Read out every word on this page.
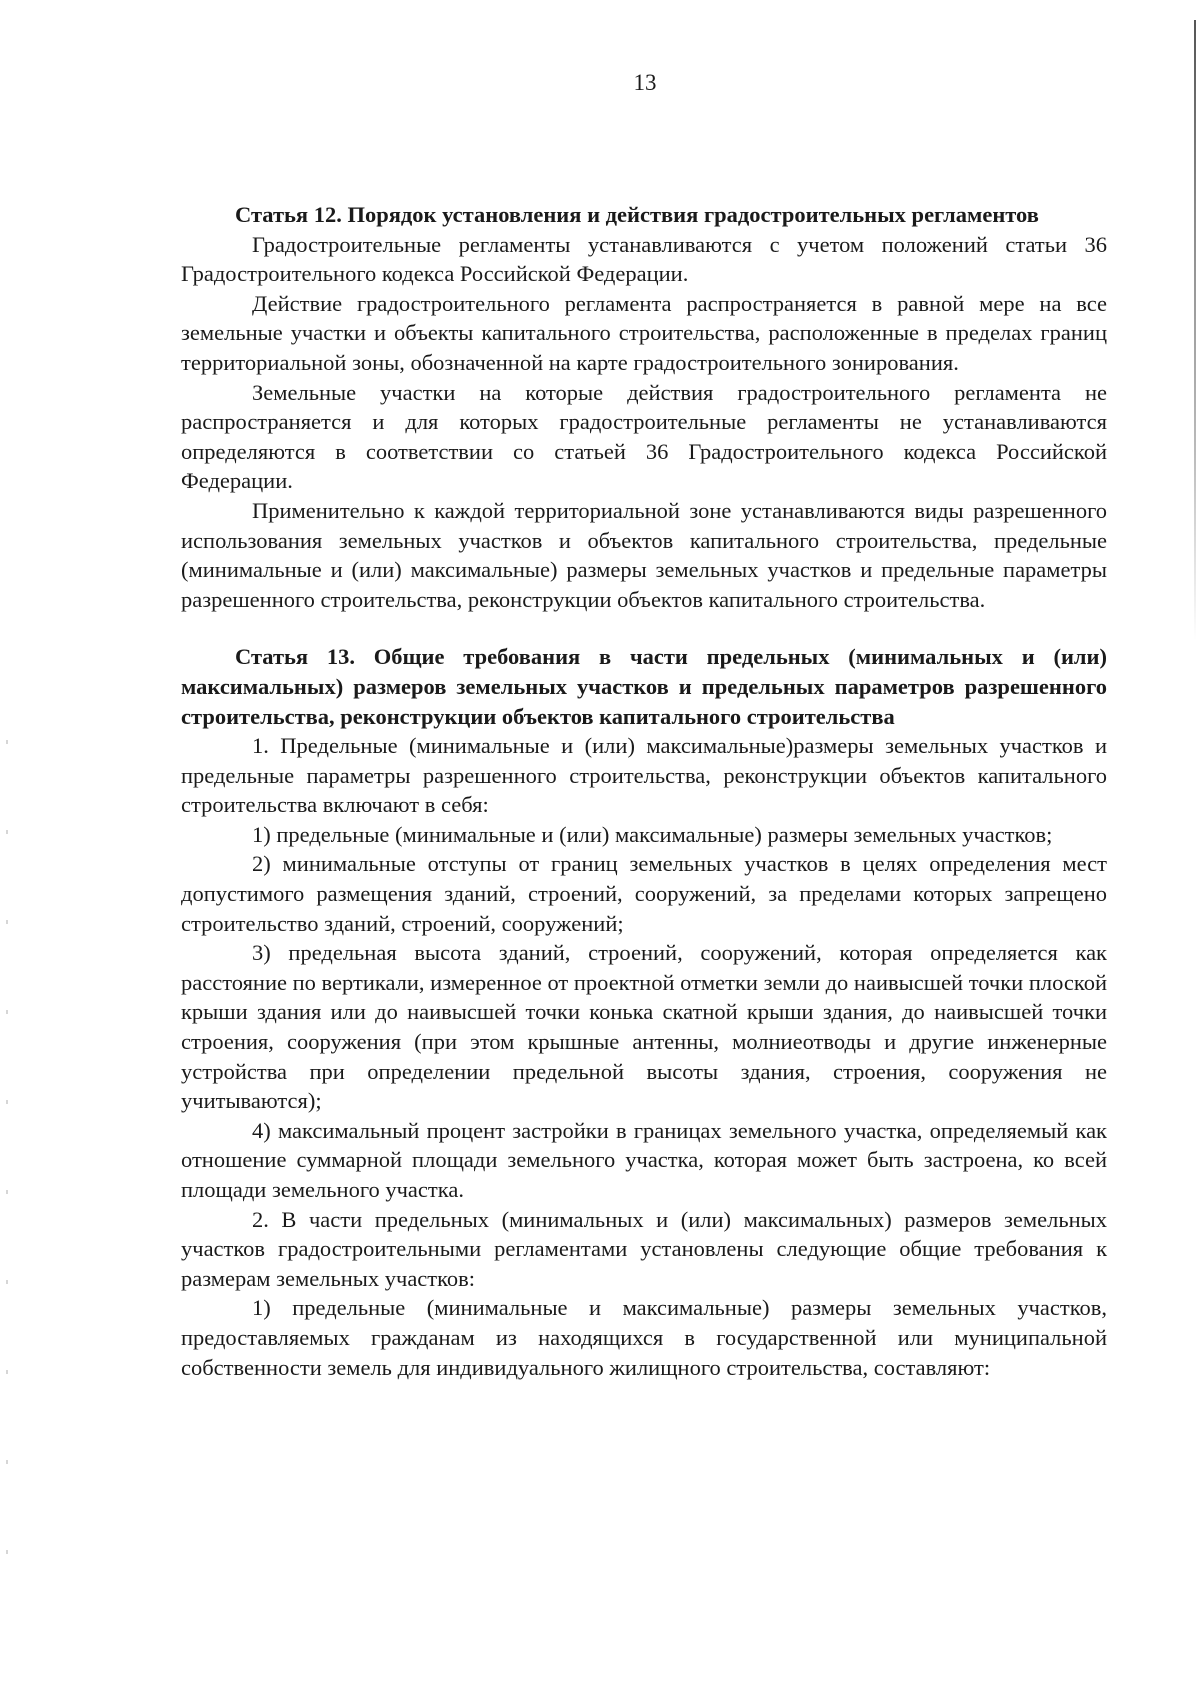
13

Статья 12. Порядок установления и действия градостроительных регламентов

Градостроительные регламенты устанавливаются с учетом положений статьи 36 Градостроительного кодекса Российской Федерации.

Действие градостроительного регламента распространяется в равной мере на все земельные участки и объекты капитального строительства, расположенные в пределах границ территориальной зоны, обозначенной на карте градостроительного зонирования.

Земельные участки на которые действия градостроительного регламента не распространяется и для которых градостроительные регламенты не устанавливаются определяются в соответствии со статьей 36 Градостроительного кодекса Российской Федерации.

Применительно к каждой территориальной зоне устанавливаются виды разрешенного использования земельных участков и объектов капитального строительства, предельные (минимальные и (или) максимальные) размеры земельных участков и предельные параметры разрешенного строительства, реконструкции объектов капитального строительства.

Статья 13. Общие требования в части предельных (минимальных и (или) максимальных) размеров земельных участков и предельных параметров разрешенного строительства, реконструкции объектов капитального строительства

1. Предельные (минимальные и (или) максимальные)размеры земельных участков и предельные параметры разрешенного строительства, реконструкции объектов капитального строительства включают в себя:

1) предельные (минимальные и (или) максимальные) размеры земельных участков;

2) минимальные отступы от границ земельных участков в целях определения мест допустимого размещения зданий, строений, сооружений, за пределами которых запрещено строительство зданий, строений, сооружений;

3) предельная высота зданий, строений, сооружений, которая определяется как расстояние по вертикали, измеренное от проектной отметки земли до наивысшей точки плоской крыши здания или до наивысшей точки конька скатной крыши здания, до наивысшей точки строения, сооружения (при этом крышные антенны, молниеотводы и другие инженерные устройства при определении предельной высоты здания, строения, сооружения не учитываются);

4) максимальный процент застройки в границах земельного участка, определяемый как отношение суммарной площади земельного участка, которая может быть застроена, ко всей площади земельного участка.

2. В части предельных (минимальных и (или) максимальных) размеров земельных участков градостроительными регламентами установлены следующие общие требования к размерам земельных участков:

1) предельные (минимальные и максимальные) размеры земельных участков, предоставляемых гражданам из находящихся в государственной или муниципальной собственности земель для индивидуального жилищного строительства, составляют:
